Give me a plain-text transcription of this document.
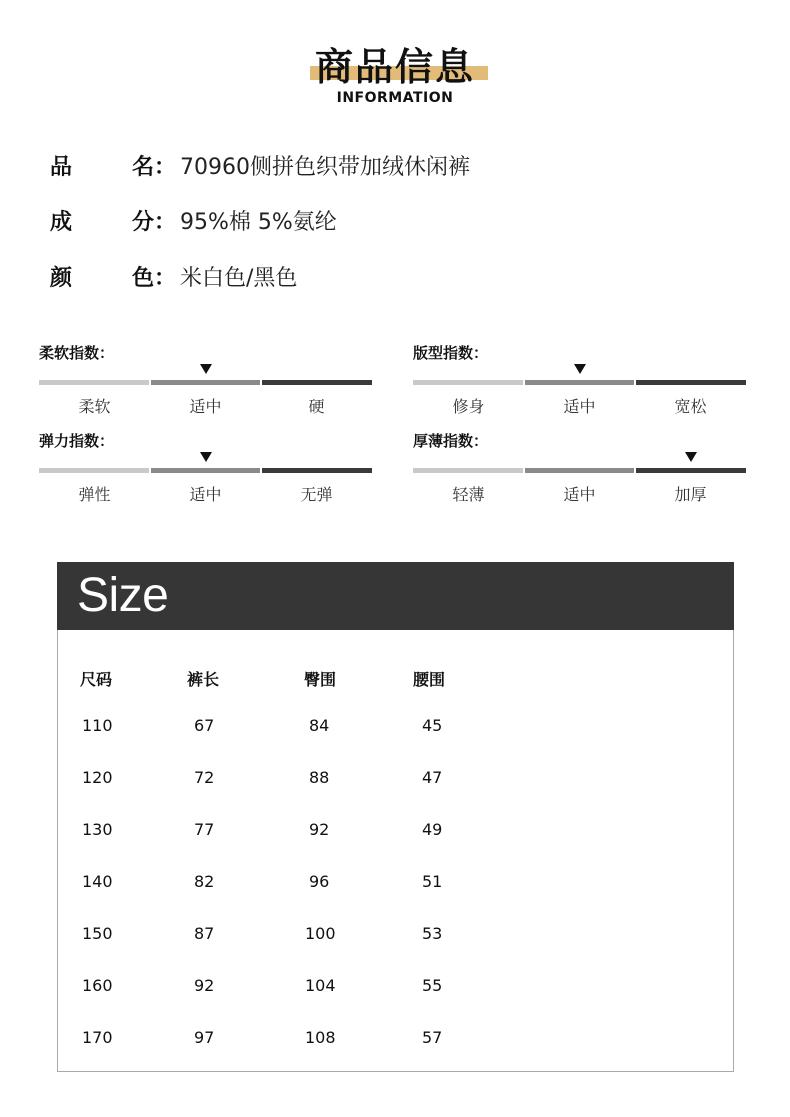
商品信息
INFORMATION
品	名 ： 70960侧拼色织带加绒休闲裤
成	分 ： 95%棉 5%氨纶
颜	色 ： 米白色/黑色
柔软指数：
柔软	适中	硬
版型指数：
修身	适中	宽松
弹力指数：
弹性	适中	无弹
厚薄指数：
轻薄	适中	加厚
Size
尺码	裤长	臀围	腰围
110	67	84	45
120	72	88	47
130	77	92	49
140	82	96	51
150	87	100	53
160	92	104	55
170	97	108	57
